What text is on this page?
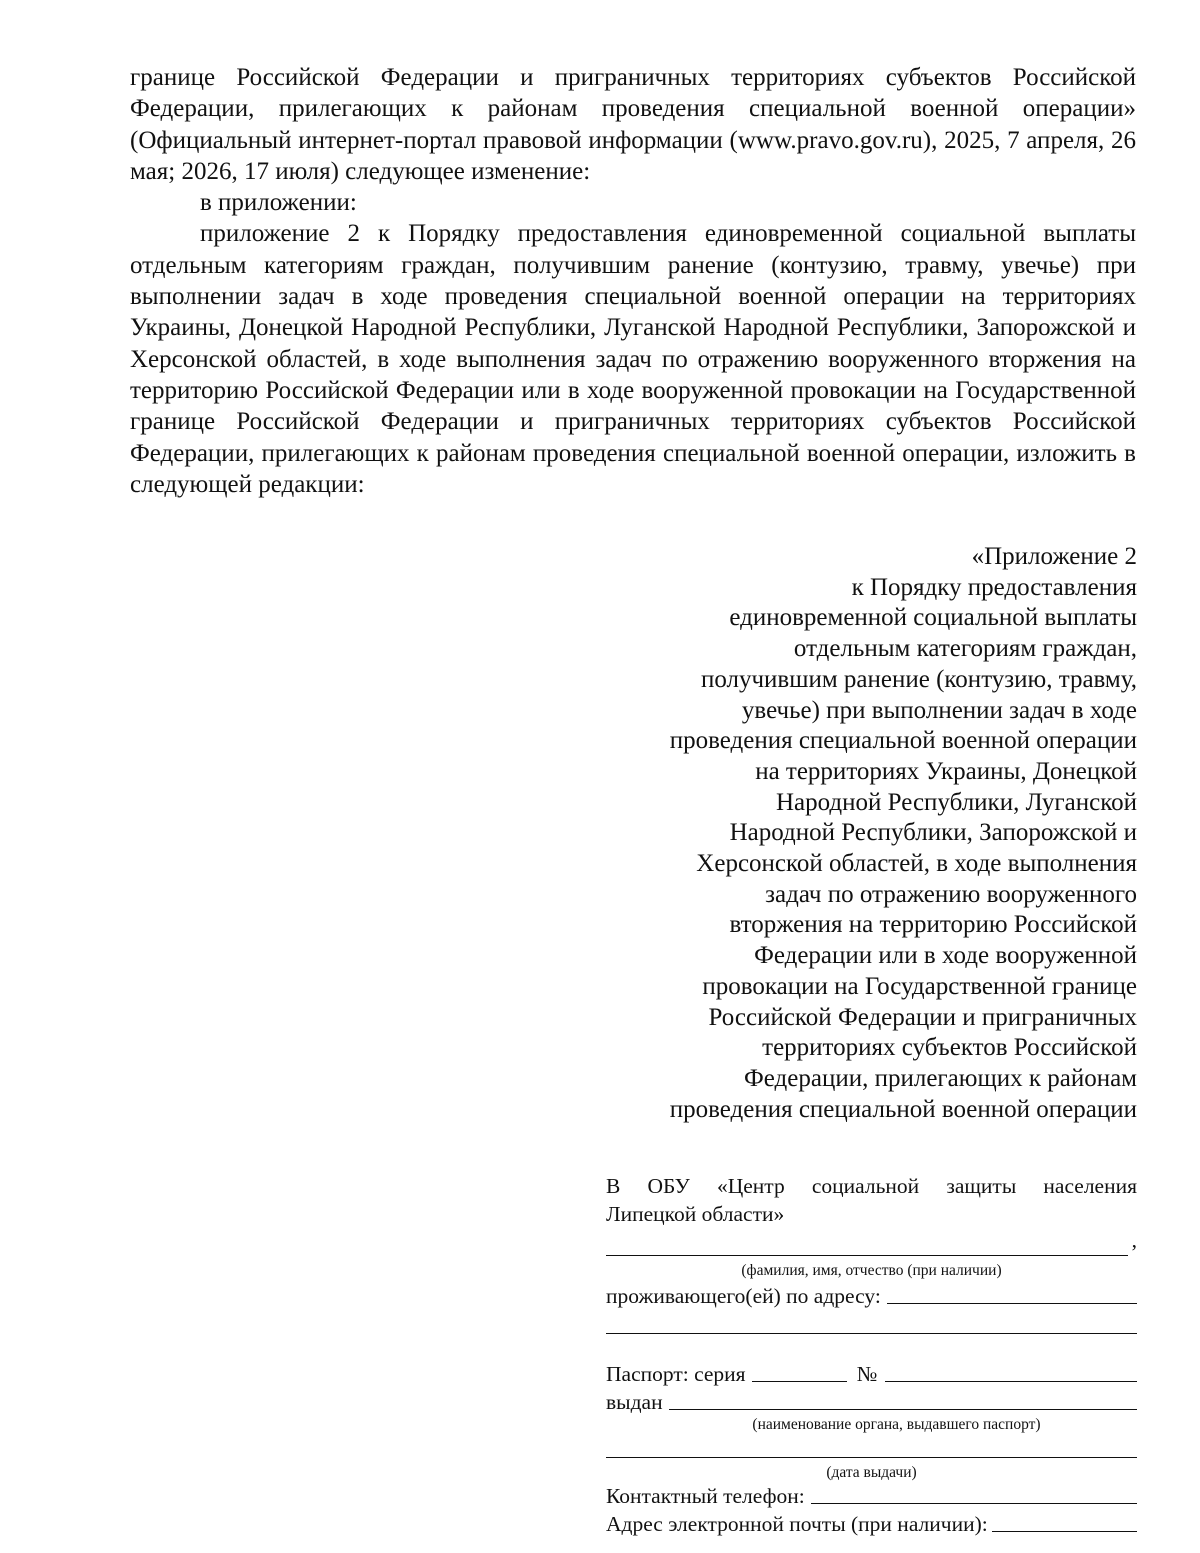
границе Российской Федерации и приграничных территориях субъектов Российской Федерации, прилегающих к районам проведения специальной военной операции» (Официальный интернет-портал правовой информации (www.pravo.gov.ru), 2025, 7 апреля, 26 мая; 2026, 17 июля) следующее изменение:

в приложении:

приложение 2 к Порядку предоставления единовременной социальной выплаты отдельным категориям граждан, получившим ранение (контузию, травму, увечье) при выполнении задач в ходе проведения специальной военной операции на территориях Украины, Донецкой Народной Республики, Луганской Народной Республики, Запорожской и Херсонской областей, в ходе выполнения задач по отражению вооруженного вторжения на территорию Российской Федерации или в ходе вооруженной провокации на Государственной границе Российской Федерации и приграничных территориях субъектов Российской Федерации, прилегающих к районам проведения специальной военной операции, изложить в следующей редакции:

«Приложение 2
к Порядку предоставления
единовременной социальной выплаты
отдельным категориям граждан,
получившим ранение (контузию, травму,
увечье) при выполнении задач в ходе
проведения специальной военной операции
на территориях Украины, Донецкой
Народной Республики, Луганской
Народной Республики, Запорожской и
Херсонской областей, в ходе выполнения
задач по отражению вооруженного
вторжения на территорию Российской
Федерации или в ходе вооруженной
провокации на Государственной границе
Российской Федерации и приграничных
территориях субъектов Российской
Федерации, прилегающих к районам
проведения специальной военной операции
В ОБУ «Центр социальной защиты населения
Липецкой области»
,
(фамилия, имя, отчество (при наличии)
проживающего(ей) по адресу:
Паспорт: серия	№
выдан
(наименование органа, выдавшего паспорт)
(дата выдачи)
Контактный телефон:
Адрес электронной почты (при наличии):
